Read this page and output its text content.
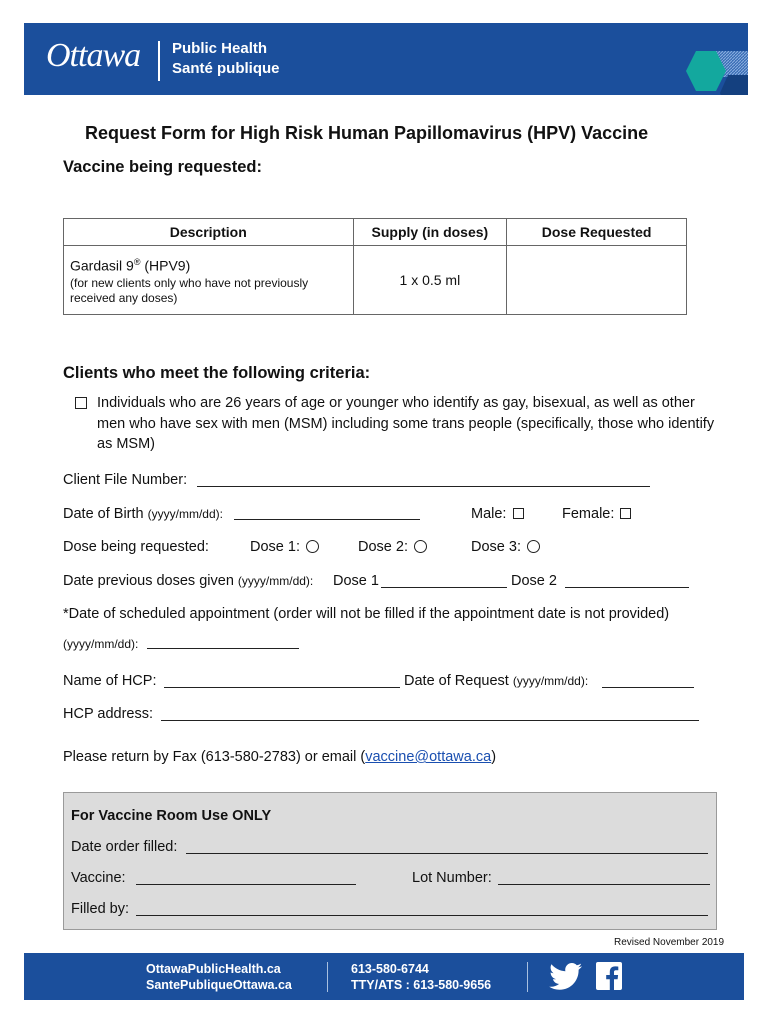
Ottawa Public Health
Santé publique
Request Form for High Risk Human Papillomavirus (HPV) Vaccine
Vaccine being requested:
Description	Supply (in doses)	Dose Requested

Gardasil 9® (HPV9)
(for new clients only who have not previously received any doses)	1 x 0.5 ml	
Clients who meet the following criteria:
Individuals who are 26 years of age or younger who identify as gay, bisexual, as well as other men who have sex with men (MSM) including some trans people (specifically, those who identify as MSM)
Client File Number:
Date of Birth (yyyy/mm/dd):	Male:	Female:
Dose being requested:	Dose 1:	Dose 2:	Dose 3:
Date previous doses given (yyyy/mm/dd): Dose 1	Dose 2
*Date of scheduled appointment (order will not be filled if the appointment date is not provided)
(yyyy/mm/dd):
Name of HCP:	Date of Request (yyyy/mm/dd):
HCP address:
Please return by Fax (613-580-2783) or email (vaccine@ottawa.ca)
For Vaccine Room Use ONLY
Date order filled:
Vaccine:	Lot Number:
Filled by:
Revised November 2019
OttawaPublicHealth.ca
SantePubliqueOttawa.ca
613-580-6744
TTY/ATS : 613-580-9656
